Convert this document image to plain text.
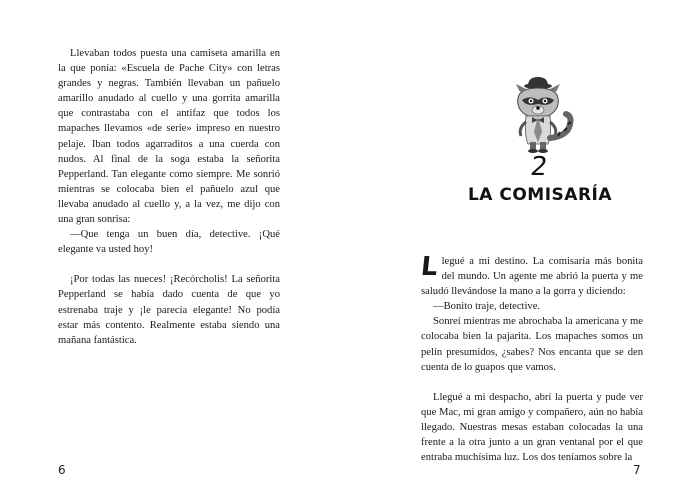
Llevaban todos puesta una camiseta amarilla en la que ponía: «Escuela de Pache City» con letras grandes y negras. También llevaban un pañuelo amarillo anudado al cuello y una gorrita amarilla que contrastaba con el antifaz que todos los mapaches llevamos «de serie» impreso en nuestro pelaje. Iban todos agarraditos a una cuerda con nudos. Al final de la soga estaba la señorita Pepperland. Tan elegante como siempre. Me sonrió mientras se colocaba bien el pañuelo azul que llevaba anudado al cuello y, a la vez, me dijo con una gran sonrisa:

—Que tenga un buen día, detective. ¡Qué elegante va usted hoy!

¡Por todas las nueces! ¡Recórcholis! La señorita Pepperland se había dado cuenta de que yo estrenaba traje y ¡le parecía elegante! No podía estar más contento. Realmente estaba siendo una mañana fantástica.

6
2
LA COMISARÍA

Llegué a mi destino. La comisaría más bonita del mundo. Un agente me abrió la puerta y me saludó llevándose la mano a la gorra y diciendo:

—Bonito traje, detective.

Sonreí mientras me abrochaba la americana y me colocaba bien la pajarita. Los mapaches somos un pelín presumidos, ¿sabes? Nos encanta que se den cuenta de lo guapos que vamos.

Llegué a mi despacho, abrí la puerta y pude ver que Mac, mi gran amigo y compañero, aún no había llegado. Nuestras mesas estaban colocadas la una frente a la otra junto a un gran ventanal por el que entraba muchísima luz. Los dos teníamos sobre la

7
